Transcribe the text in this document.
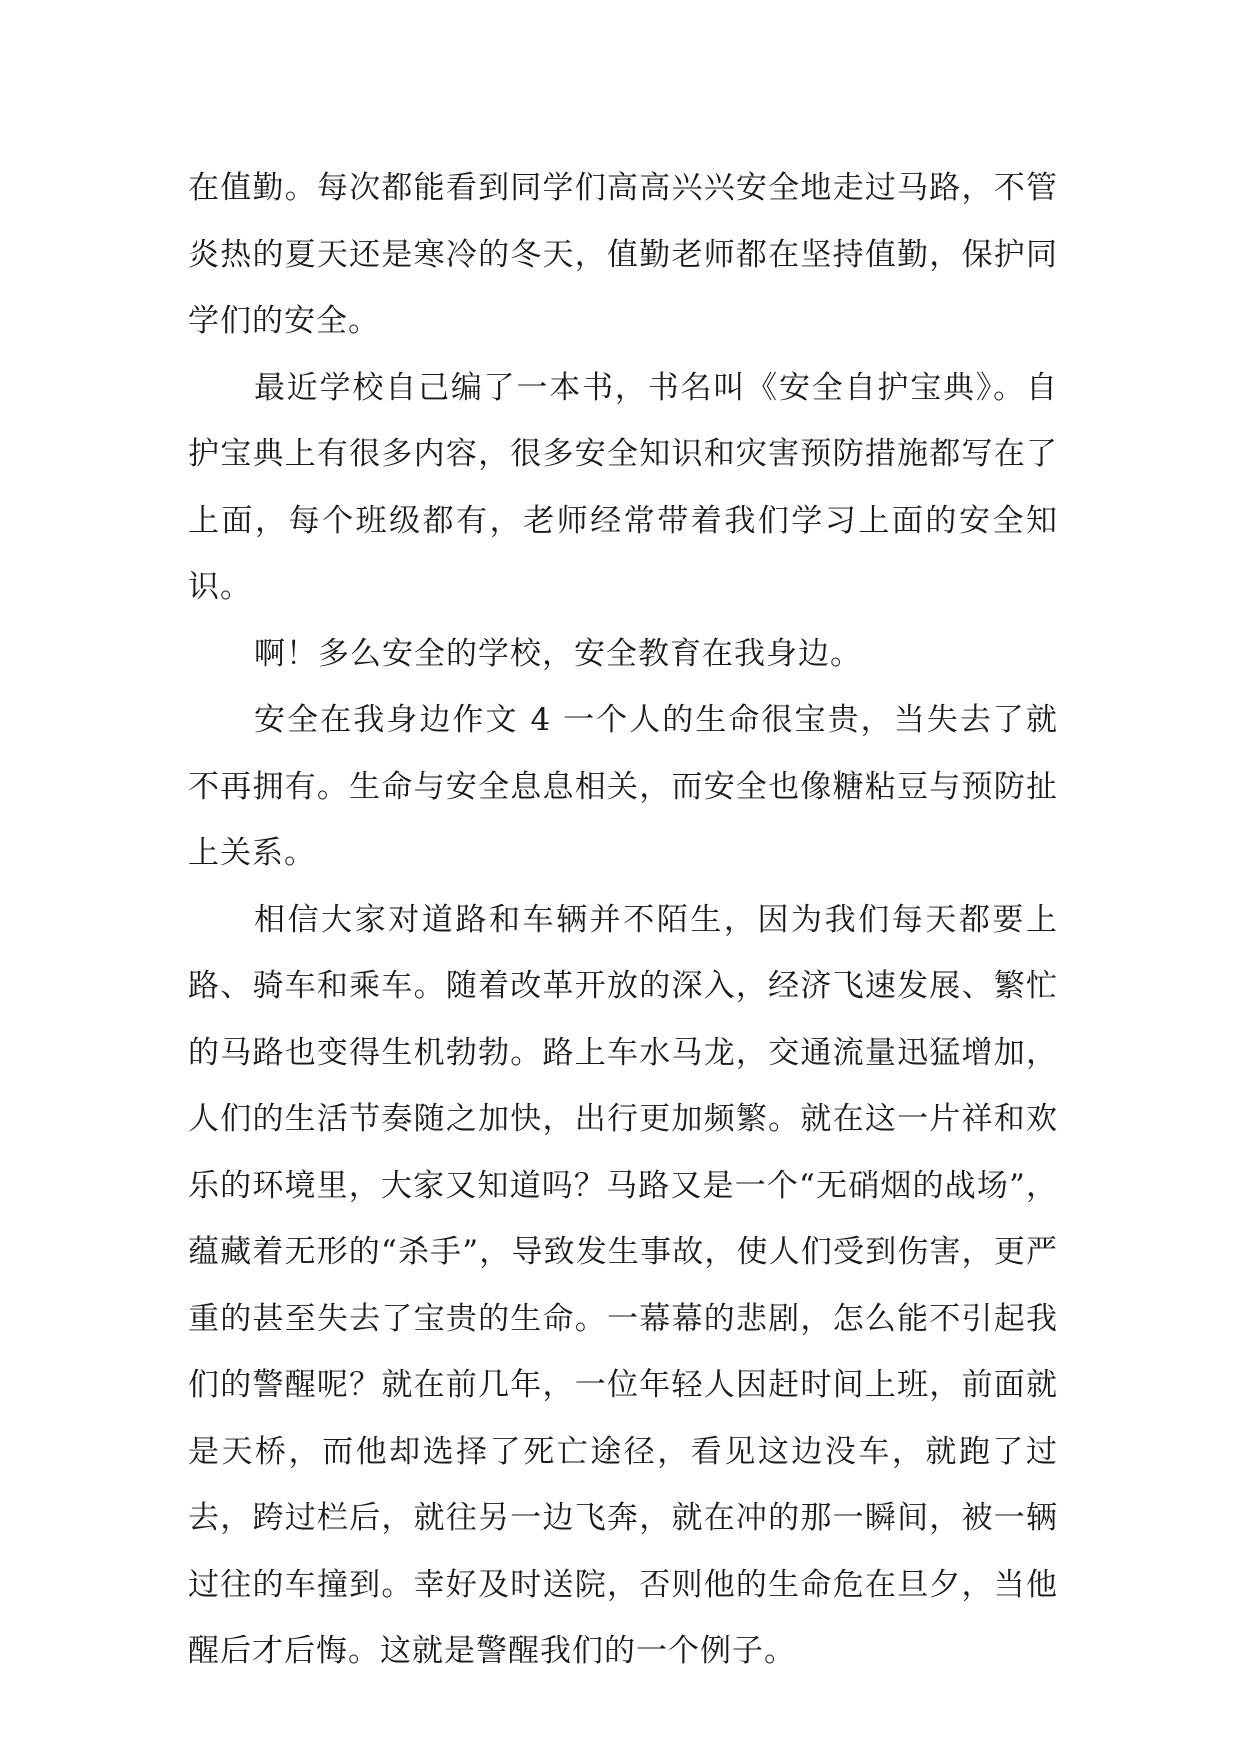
在值勤。每次都能看到同学们高高兴兴安全地走过马路，不管炎热的夏天还是寒冷的冬天，值勤老师都在坚持值勤，保护同学们的安全。

最近学校自己编了一本书，书名叫《安全自护宝典》。自护宝典上有很多内容，很多安全知识和灾害预防措施都写在了上面，每个班级都有，老师经常带着我们学习上面的安全知识。

啊！多么安全的学校，安全教育在我身边。

安全在我身边作文 4 一个人的生命很宝贵，当失去了就不再拥有。生命与安全息息相关，而安全也像糖粘豆与预防扯上关系。

相信大家对道路和车辆并不陌生，因为我们每天都要上路、骑车和乘车。随着改革开放的深入，经济飞速发展、繁忙的马路也变得生机勃勃。路上车水马龙，交通流量迅猛增加，人们的生活节奏随之加快，出行更加频繁。就在这一片祥和欢乐的环境里，大家又知道吗？马路又是一个“无硝烟的战场”，蕴藏着无形的“杀手”，导致发生事故，使人们受到伤害，更严重的甚至失去了宝贵的生命。一幕幕的悲剧，怎么能不引起我们的警醒呢？就在前几年，一位年轻人因赶时间上班，前面就是天桥，而他却选择了死亡途径，看见这边没车，就跑了过去，跨过栏后，就往另一边飞奔，就在冲的那一瞬间，被一辆过往的车撞到。幸好及时送院，否则他的生命危在旦夕，当他醒后才后悔。这就是警醒我们的一个例子。
